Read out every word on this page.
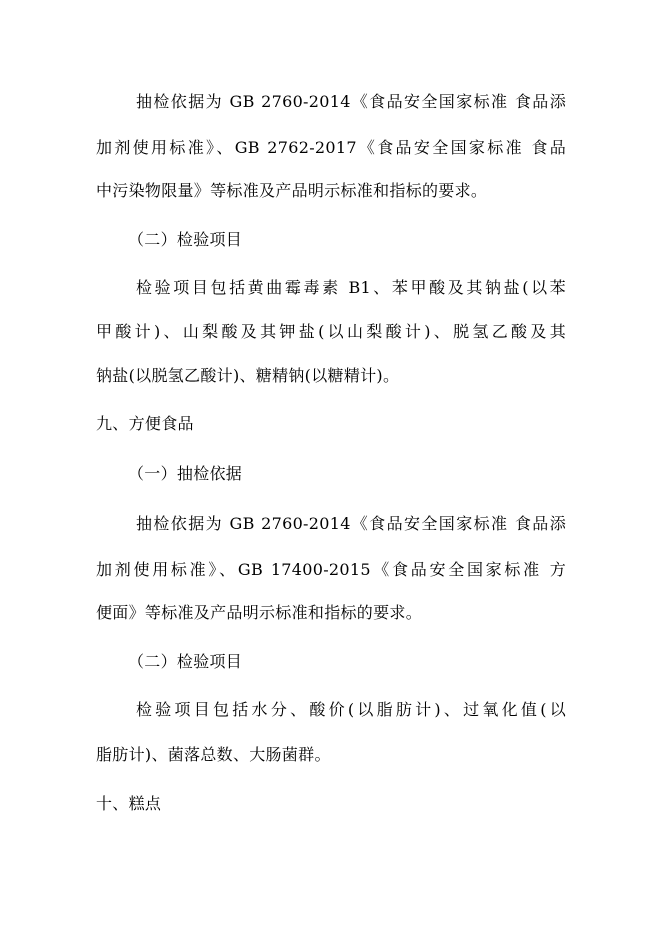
抽检依据为 GB 2760-2014《食品安全国家标准 食品添
加剂使用标准》、GB 2762-2017《食品安全国家标准 食品
中污染物限量》等标准及产品明示标准和指标的要求。
（二）检验项目
检验项目包括黄曲霉毒素 B1、苯甲酸及其钠盐(以苯
甲酸计)、山梨酸及其钾盐(以山梨酸计)、脱氢乙酸及其
钠盐(以脱氢乙酸计)、糖精钠(以糖精计)。
九、方便食品
（一）抽检依据
抽检依据为 GB 2760-2014《食品安全国家标准 食品添
加剂使用标准》、GB 17400-2015《食品安全国家标准 方
便面》等标准及产品明示标准和指标的要求。
（二）检验项目
检验项目包括水分、酸价(以脂肪计)、过氧化值(以
脂肪计)、菌落总数、大肠菌群。
十、糕点
